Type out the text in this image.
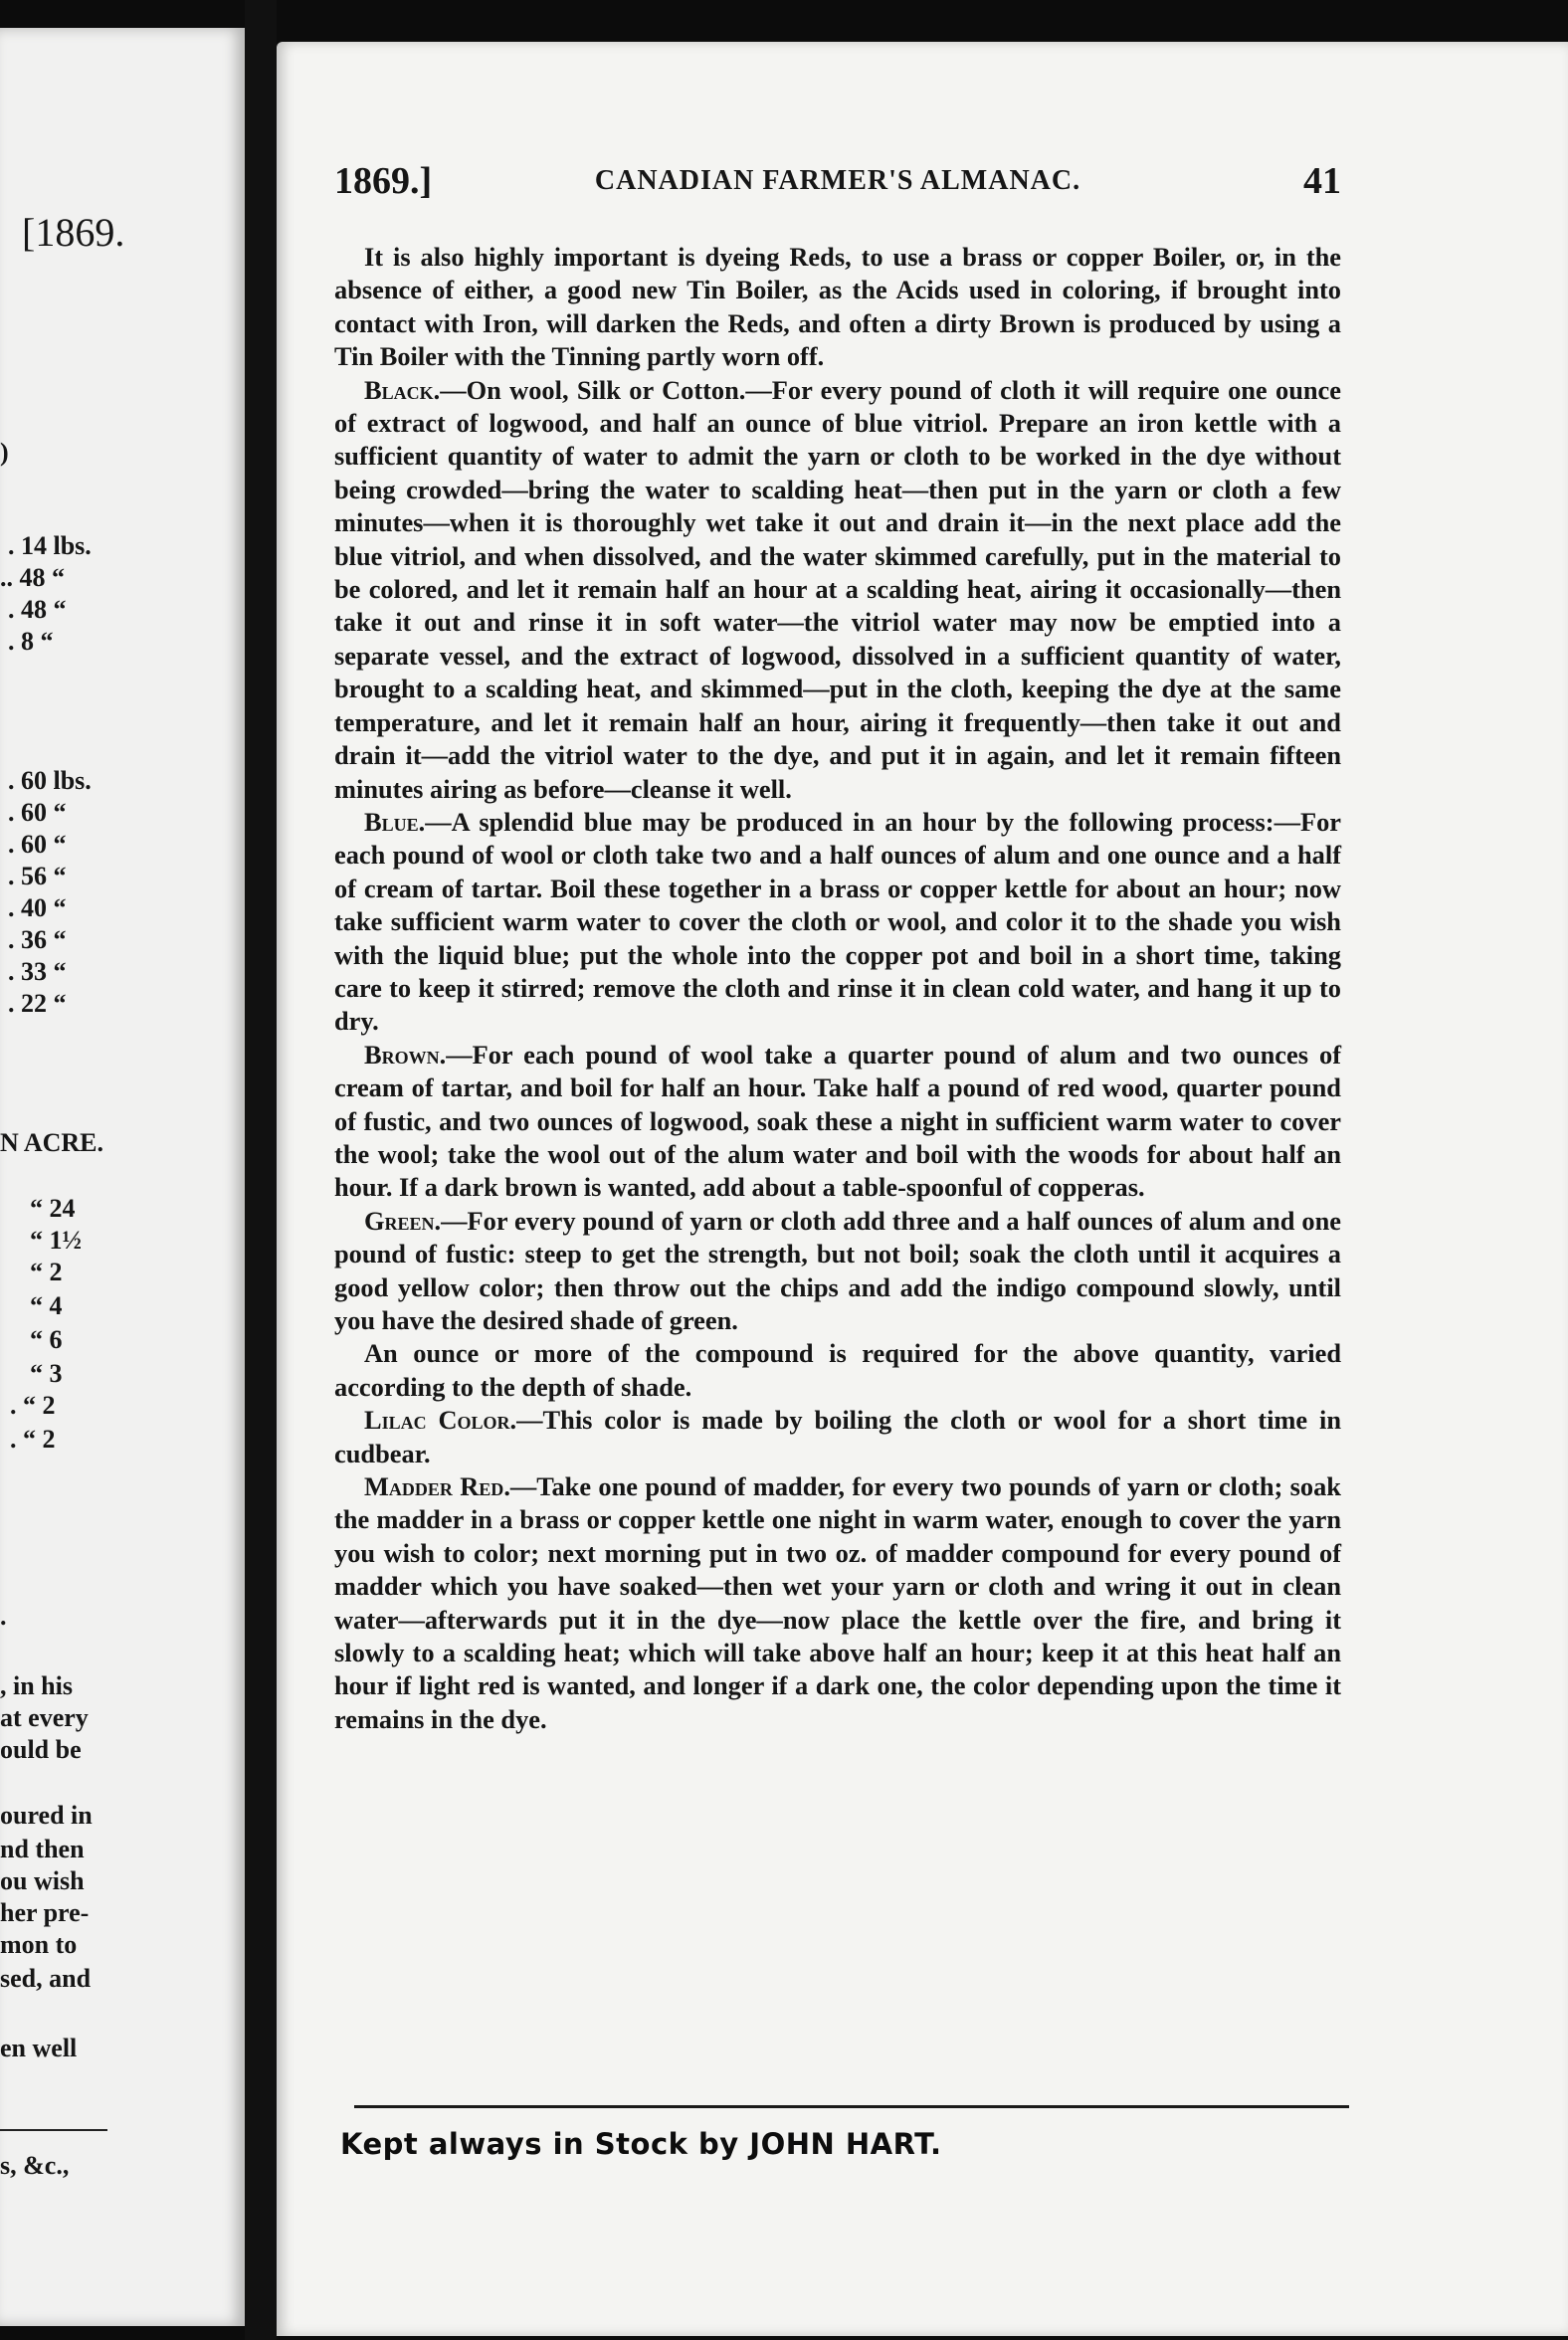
[1869.
)
. 14 lbs.
.. 48 “
. 48 “
. 8 “
. 60 lbs.
. 60 “
. 60 “
. 56 “
. 40 “
. 36 “
. 33 “
. 22 “
N ACRE.
“ 24
“ 1½
“ 2
“ 4
“ 6
“ 3
. “ 2
. “ 2
.
, in his
at every
ould be
oured in
nd then
ou wish
her pre-
mon to
sed, and
en well
s, &c.,
1869.]	CANADIAN FARMER'S ALMANAC.	41

It is also highly important is dyeing Reds, to use a brass or copper Boiler, or, in the absence of either, a good new Tin Boiler, as the Acids used in coloring, if brought into contact with Iron, will darken the Reds, and often a dirty Brown is produced by using a Tin Boiler with the Tinning partly worn off.

Black.—On wool, Silk or Cotton.—For every pound of cloth it will require one ounce of extract of logwood, and half an ounce of blue vitriol. Prepare an iron kettle with a sufficient quantity of water to admit the yarn or cloth to be worked in the dye without being crowded—bring the water to scalding heat—then put in the yarn or cloth a few minutes—when it is thoroughly wet take it out and drain it—in the next place add the blue vitriol, and when dissolved, and the water skimmed carefully, put in the material to be colored, and let it remain half an hour at a scalding heat, airing it occasionally—then take it out and rinse it in soft water—the vitriol water may now be emptied into a separate vessel, and the extract of logwood, dissolved in a sufficient quantity of water, brought to a scalding heat, and skimmed—put in the cloth, keeping the dye at the same temperature, and let it remain half an hour, airing it frequently—then take it out and drain it—add the vitriol water to the dye, and put it in again, and let it remain fifteen minutes airing as before—cleanse it well.

Blue.—A splendid blue may be produced in an hour by the following process:—For each pound of wool or cloth take two and a half ounces of alum and one ounce and a half of cream of tartar. Boil these together in a brass or copper kettle for about an hour; now take sufficient warm water to cover the cloth or wool, and color it to the shade you wish with the liquid blue; put the whole into the copper pot and boil in a short time, taking care to keep it stirred; remove the cloth and rinse it in clean cold water, and hang it up to dry.

Brown.—For each pound of wool take a quarter pound of alum and two ounces of cream of tartar, and boil for half an hour. Take half a pound of red wood, quarter pound of fustic, and two ounces of logwood, soak these a night in sufficient warm water to cover the wool; take the wool out of the alum water and boil with the woods for about half an hour. If a dark brown is wanted, add about a table-spoonful of copperas.

Green.—For every pound of yarn or cloth add three and a half ounces of alum and one pound of fustic: steep to get the strength, but not boil; soak the cloth until it acquires a good yellow color; then throw out the chips and add the indigo compound slowly, until you have the desired shade of green.

An ounce or more of the compound is required for the above quantity, varied according to the depth of shade.

Lilac Color.—This color is made by boiling the cloth or wool for a short time in cudbear.

Madder Red.—Take one pound of madder, for every two pounds of yarn or cloth; soak the madder in a brass or copper kettle one night in warm water, enough to cover the yarn you wish to color; next morning put in two oz. of madder compound for every pound of madder which you have soaked—then wet your yarn or cloth and wring it out in clean water—afterwards put it in the dye—now place the kettle over the fire, and bring it slowly to a scalding heat; which will take above half an hour; keep it at this heat half an hour if light red is wanted, and longer if a dark one, the color depending upon the time it remains in the dye.

Kept always in Stock by JOHN HART.
